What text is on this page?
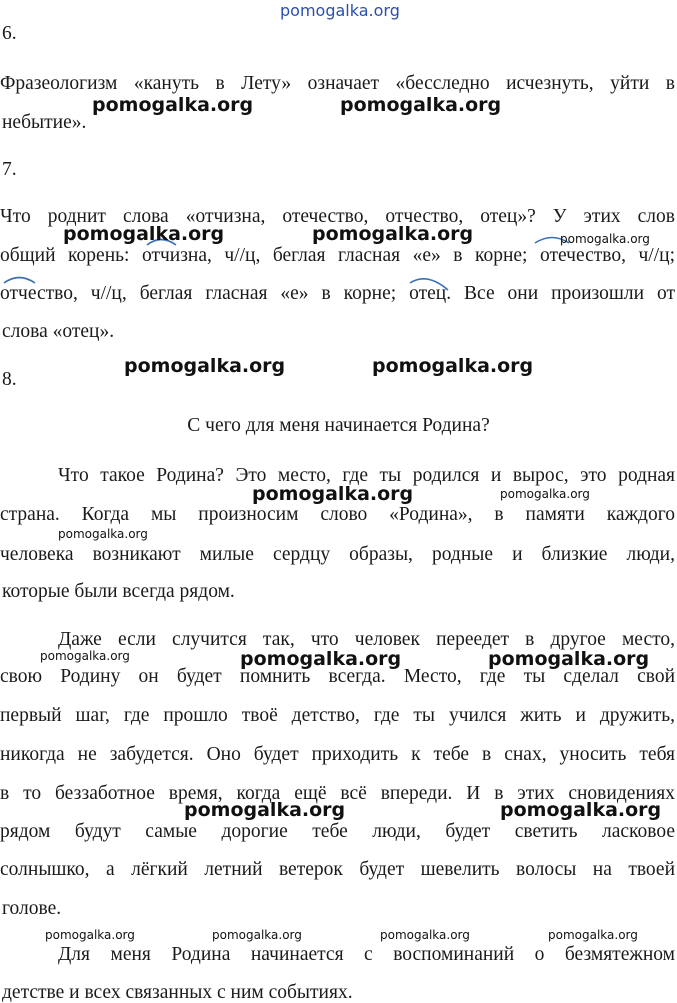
pomogalka.org
6.
Фразеологизм «кануть в Лету» означает «бесследно исчезнуть, уйти в
небытие».
7.
Что роднит слова «отчизна, отечество, отчество, отец»? У этих слов
общий корень: отчизна, ч//ц, беглая гласная «е» в корне; отечество, ч//ц;
отчество, ч//ц, беглая гласная «е» в корне; отец. Все они произошли от
слова «отец».
8.
С чего для меня начинается Родина?
Что такое Родина? Это место, где ты родился и вырос, это родная
страна. Когда мы произносим слово «Родина», в памяти каждого
человека возникают милые сердцу образы, родные и близкие люди,
которые были всегда рядом.
Даже если случится так, что человек переедет в другое место,
свою Родину он будет помнить всегда. Место, где ты сделал свой
первый шаг, где прошло твоё детство, где ты учился жить и дружить,
никогда не забудется. Оно будет приходить к тебе в снах, уносить тебя
в то беззаботное время, когда ещё всё впереди. И в этих сновидениях
рядом будут самые дорогие тебе люди, будет светить ласковое
солнышко, а лёгкий летний ветерок будет шевелить волосы на твоей
голове.
Для меня Родина начинается с воспоминаний о безмятежном
детстве и всех связанных с ним событиях.
pomogalka.org	pomogalka.org
pomogalka.org	pomogalka.org	pomogalka.org
pomogalka.org	pomogalka.org
pomogalka.org	pomogalka.org
pomogalka.org
pomogalka.org	pomogalka.org	pomogalka.org
pomogalka.org	pomogalka.org
pomogalka.org	pomogalka.org	pomogalka.org	pomogalka.org
